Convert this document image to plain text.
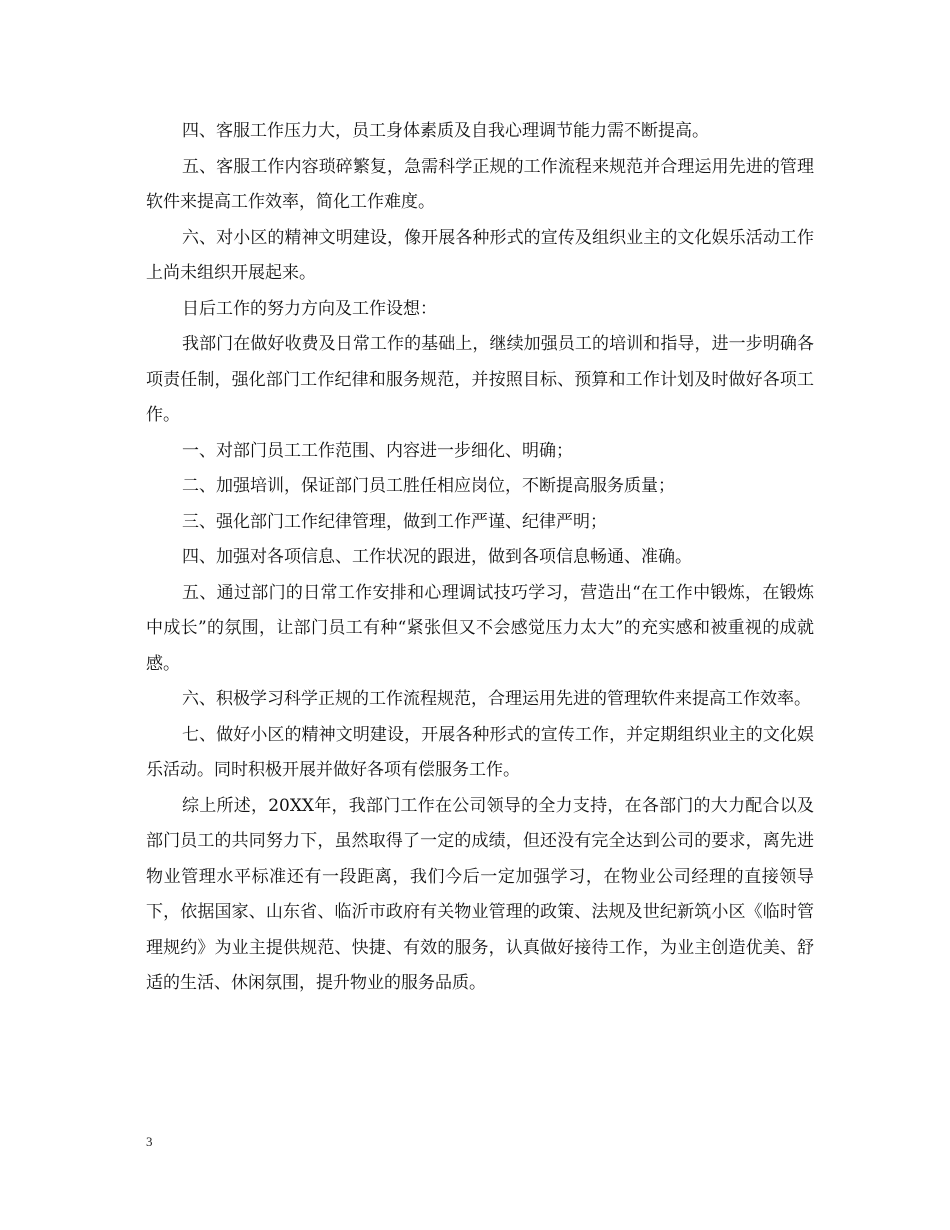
四、客服工作压力大，员工身体素质及自我心理调节能力需不断提高。

五、客服工作内容琐碎繁复，急需科学正规的工作流程来规范并合理运用先进的管理软件来提高工作效率，简化工作难度。

六、对小区的精神文明建设，像开展各种形式的宣传及组织业主的文化娱乐活动工作上尚未组织开展起来。

日后工作的努力方向及工作设想：

我部门在做好收费及日常工作的基础上，继续加强员工的培训和指导，进一步明确各项责任制，强化部门工作纪律和服务规范，并按照目标、预算和工作计划及时做好各项工作。

一、对部门员工工作范围、内容进一步细化、明确；

二、加强培训，保证部门员工胜任相应岗位，不断提高服务质量；

三、强化部门工作纪律管理，做到工作严谨、纪律严明；

四、加强对各项信息、工作状况的跟进，做到各项信息畅通、准确。

五、通过部门的日常工作安排和心理调试技巧学习，营造出“在工作中锻炼，在锻炼中成长”的氛围，让部门员工有种“紧张但又不会感觉压力太大”的充实感和被重视的成就感。

六、积极学习科学正规的工作流程规范，合理运用先进的管理软件来提高工作效率。

七、做好小区的精神文明建设，开展各种形式的宣传工作，并定期组织业主的文化娱乐活动。同时积极开展并做好各项有偿服务工作。

综上所述，20XX年，我部门工作在公司领导的全力支持，在各部门的大力配合以及部门员工的共同努力下，虽然取得了一定的成绩，但还没有完全达到公司的要求，离先进物业管理水平标准还有一段距离，我们今后一定加强学习，在物业公司经理的直接领导下，依据国家、山东省、临沂市政府有关物业管理的政策、法规及世纪新筑小区《临时管理规约》为业主提供规范、快捷、有效的服务，认真做好接待工作，为业主创造优美、舒适的生活、休闲氛围，提升物业的服务品质。

3
